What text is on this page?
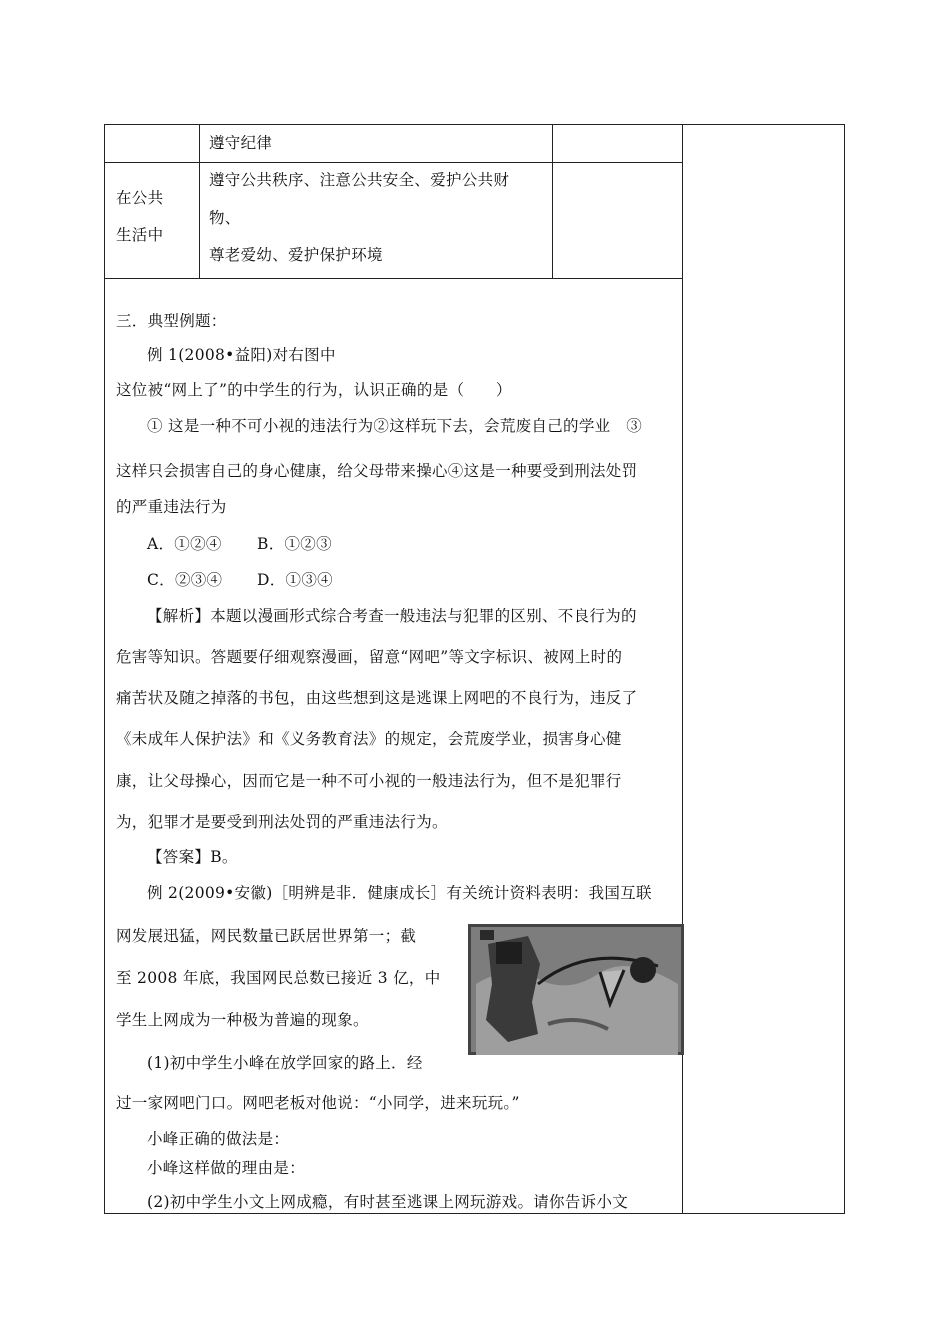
遵守纪律
在公共
生活中
遵守公共秩序、注意公共安全、爱护公共财
物、
尊老爱幼、爱护保护环境
三．典型例题：
例 1(2008•益阳)对右图中
这位被“网上了”的中学生的行为，认识正确的是（　　）
① 这是一种不可小视的违法行为②这样玩下去，会荒废自己的学业　③
这样只会损害自己的身心健康，给父母带来操心④这是一种要受到刑法处罚
的严重违法行为
A．①②④ B．①②③
C．②③④ D．①③④
【解析】本题以漫画形式综合考查一般违法与犯罪的区别、不良行为的
危害等知识。答题要仔细观察漫画，留意“网吧”等文字标识、被网上时的
痛苦状及随之掉落的书包，由这些想到这是逃课上网吧的不良行为，违反了
《未成年人保护法》和《义务教育法》的规定，会荒废学业，损害身心健
康，让父母操心，因而它是一种不可小视的一般违法行为，但不是犯罪行
为，犯罪才是要受到刑法处罚的严重违法行为。
【答案】B。
例 2(2009•安徽)［明辨是非．健康成长］有关统计资料表明：我国互联
网发展迅猛，网民数量已跃居世界第一；截
至 2008 年底，我国网民总数已接近 3 亿，中
学生上网成为一种极为普遍的现象。
(1)初中学生小峰在放学回家的路上．经
过一家网吧门口。网吧老板对他说：“小同学，进来玩玩。”
小峰正确的做法是：
小峰这样做的理由是：
(2)初中学生小文上网成瘾，有时甚至逃课上网玩游戏。请你告诉小文
